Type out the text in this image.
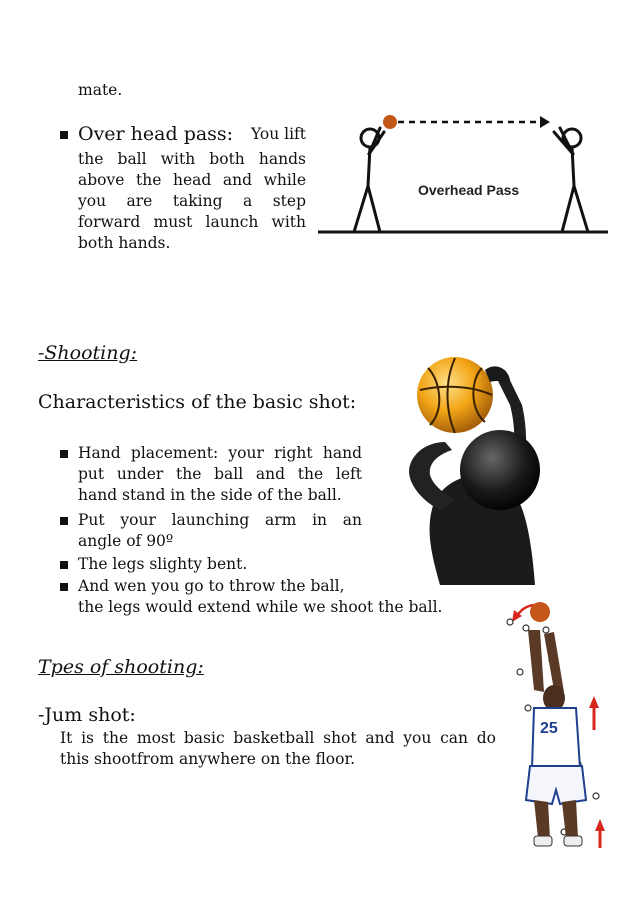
mate.
Over head pass: You lift
the ball with both hands
above the head and while
you are taking a step
forward must launch with
both hands.
Overhead Pass
-Shooting:
Characteristics of the basic shot:
Hand placement: your right hand
put under the ball and the left
hand stand in the side of the ball.
Put your launching arm in an
angle of 90º
The legs slighty bent.
And wen you go to throw the ball,
the legs would extend while we shoot the ball.
Tpes of shooting:
-Jum shot:
It is the most basic basketball shot and you can do
this shootfrom anywhere on the floor.
25
